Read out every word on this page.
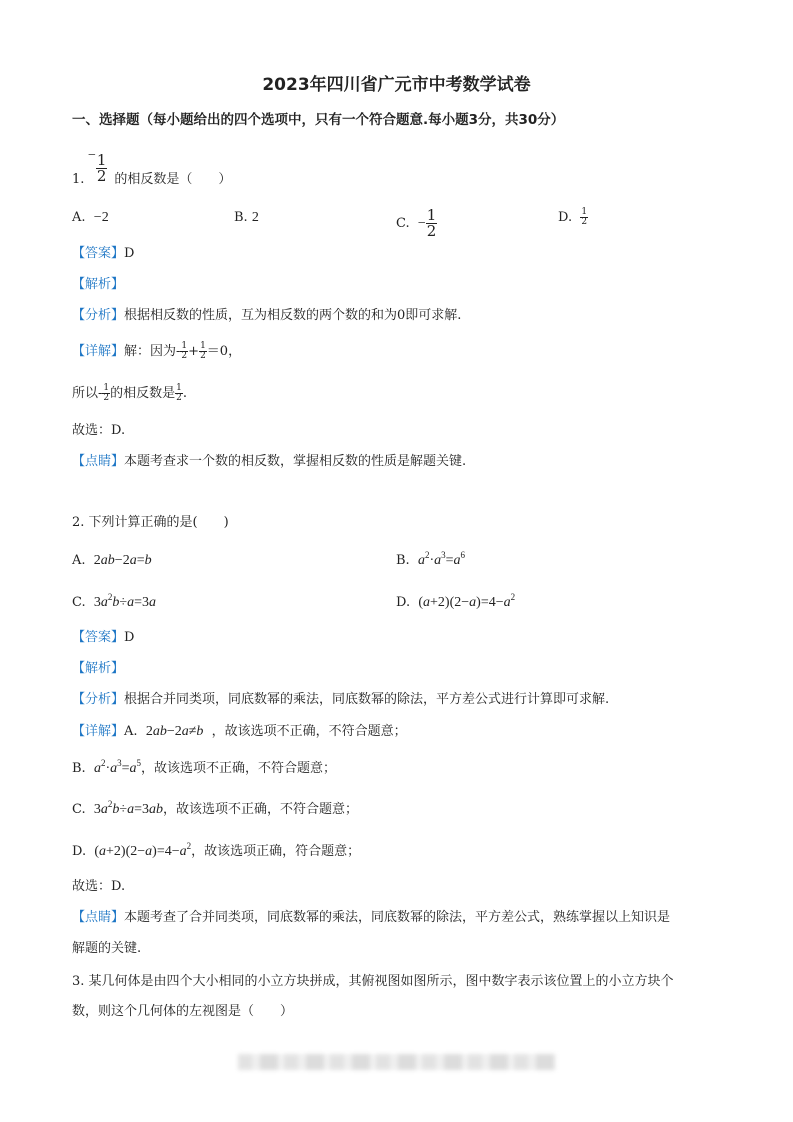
2023年四川省广元市中考数学试卷
一、选择题（每小题给出的四个选项中，只有一个符合题意.每小题3分，共30分）
− $\frac{1}{2}$
1. 的相反数是（　　）
A. −2	B. 2	C. − $\frac{1}{2}$	D. $\frac{1}{2}$
【答案】D
【解析】
【分析】根据相反数的性质，互为相反数的两个数的和为0即可求解.
【详解】解：因为- $\frac{1}{2} + \frac{1}{2} =0$，
所以- $\frac{1}{2}$ 的相反数是 $\frac{1}{2}$ .
故选：D.
【点睛】本题考查求一个数的相反数，掌握相反数的性质是解题关键.
2. 下列计算正确的是(　　)
A. 2ab−2a=b	B. $a^2\cdot a^3=a^6$
C. $3a^2b\div a=3a$	D. $(a+2)(2-a)=4-a^2$
【答案】D
【解析】
【分析】根据合并同类项，同底数幂的乘法，同底数幂的除法，平方差公式进行计算即可求解.
【详解】A. 2ab−2a≠b ，故该选项不正确，不符合题意；
B. $a^2\cdot a^3=a^5$，故该选项不正确，不符合题意；
C. $3a^2b\div a=3ab$，故该选项不正确，不符合题意；
D. $(a+2)(2-a)=4-a^2$，故该选项正确，符合题意；
故选：D.
【点睛】本题考查了合并同类项，同底数幂的乘法，同底数幂的除法，平方差公式，熟练掌握以上知识是
解题的关键.
3. 某几何体是由四个大小相同的小立方块拼成，其俯视图如图所示，图中数字表示该位置上的小立方块个
数，则这个几何体的左视图是（　　）
